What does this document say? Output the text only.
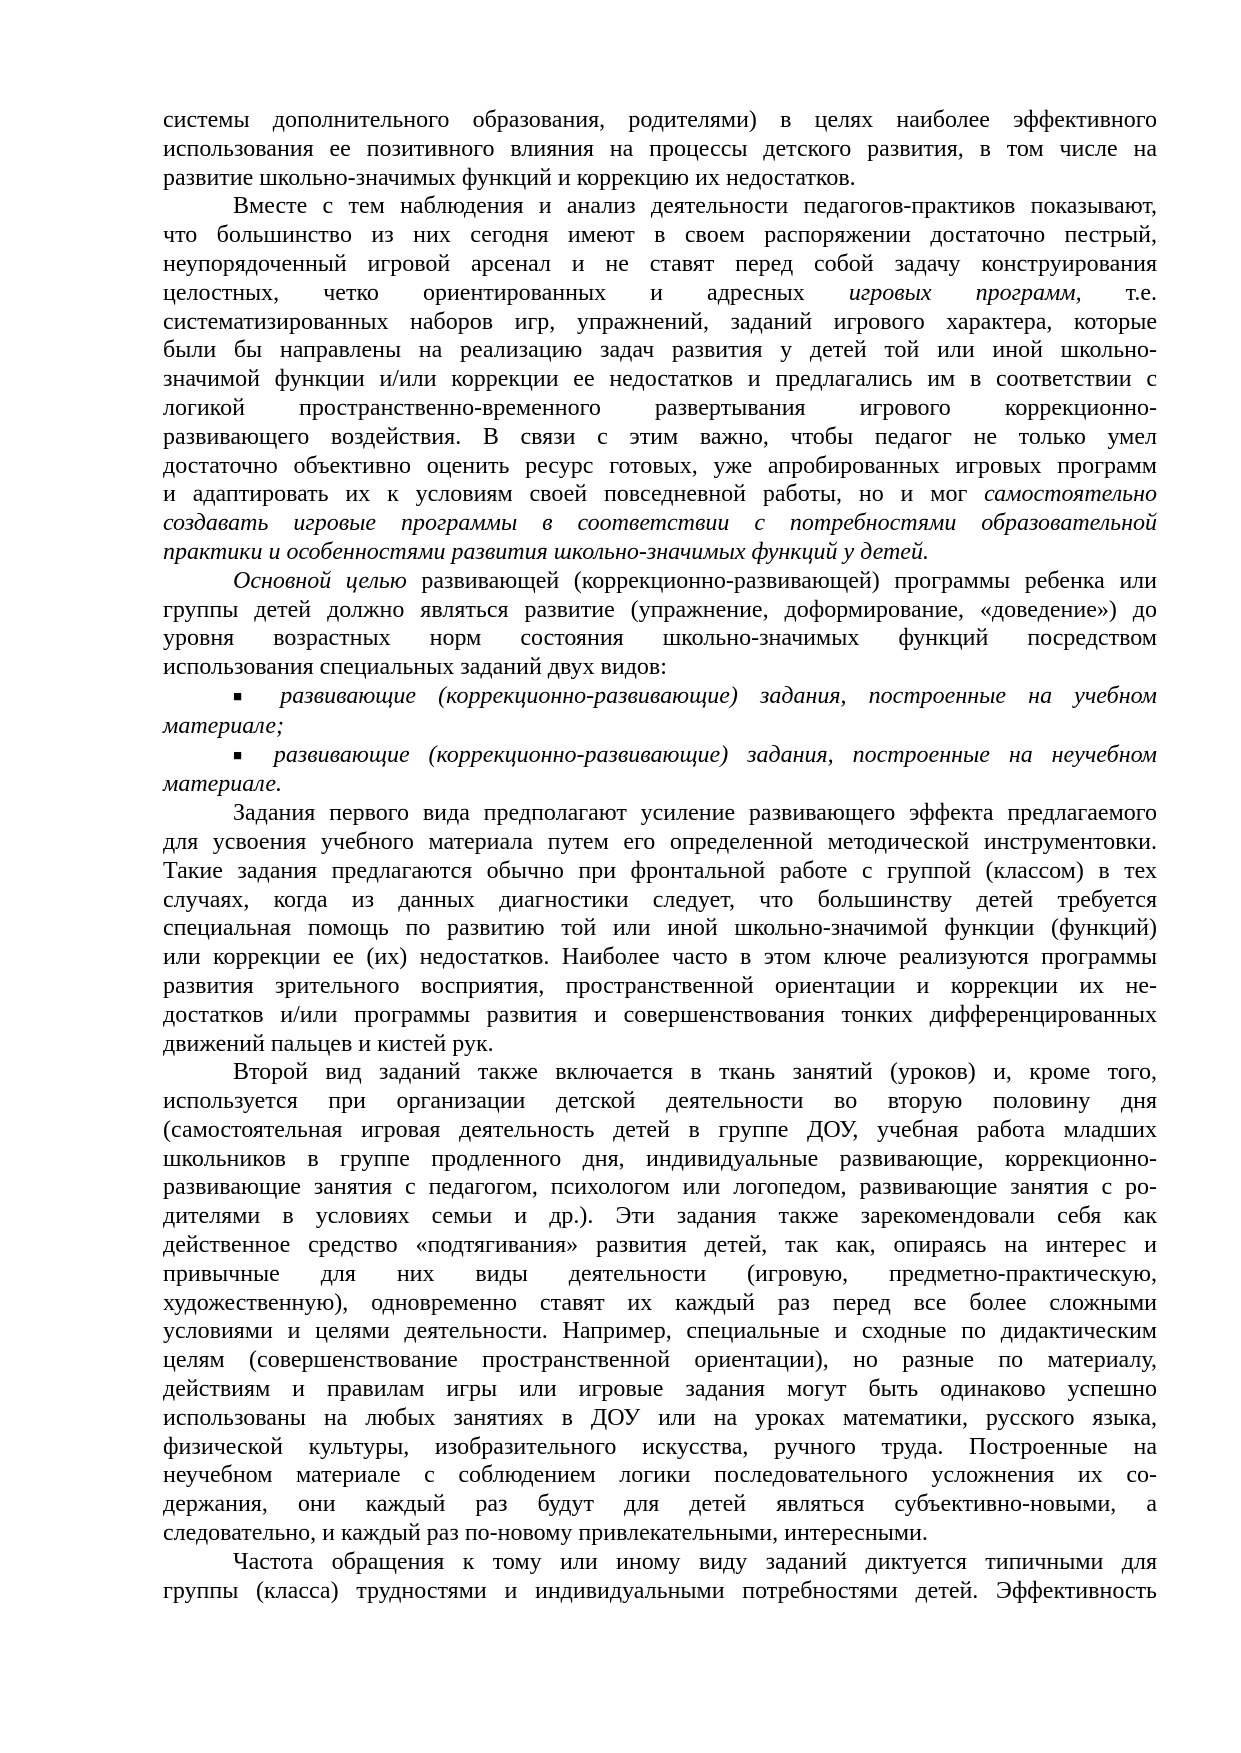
системы дополнительного образования, родителями) в целях наиболее эффективного
использования ее позитивного влияния на процессы детского развития, в том числе на
развитие школьно-значимых функций и коррекцию их недостатков.
Вместе с тем наблюдения и анализ деятельности педагогов-практиков показывают,
что большинство из них сегодня имеют в своем распоряжении достаточно пестрый,
неупорядоченный игровой арсенал и не ставят перед собой задачу конструирования
целостных, четко ориентированных и адресных игровых программ, т.е.
систематизированных наборов игр, упражнений, заданий игрового характера, которые
были бы направлены на реализацию задач развития у детей той или иной школьно-
значимой функции и/или коррекции ее недостатков и предлагались им в соответствии с
логикой пространственно-временного развертывания игрового коррекционно-
развивающего воздействия. В связи с этим важно, чтобы педагог не только умел
достаточно объективно оценить ресурс готовых, уже апробированных игровых программ
и адаптировать их к условиям своей повседневной работы, но и мог самостоятельно
создавать игровые программы в соответствии с потребностями образовательной
практики и особенностями развития школьно-значимых функций у детей.
Основной целью развивающей (коррекционно-развивающей) программы ребенка или
группы детей должно являться развитие (упражнение, доформирование, «доведение») до
уровня возрастных норм состояния школьно-значимых функций посредством
использования специальных заданий двух видов:
■ развивающие (коррекционно-развивающие) задания, построенные на учебном
материале;
■ развивающие (коррекционно-развивающие) задания, построенные на неучебном
материале.
Задания первого вида предполагают усиление развивающего эффекта предлагаемого
для усвоения учебного материала путем его определенной методической инструментовки.
Такие задания предлагаются обычно при фронтальной работе с группой (классом) в тех
случаях, когда из данных диагностики следует, что большинству детей требуется
специальная помощь по развитию той или иной школьно-значимой функции (функций)
или коррекции ее (их) недостатков. Наиболее часто в этом ключе реализуются программы
развития зрительного восприятия, пространственной ориентации и коррекции их не-
достатков и/или программы развития и совершенствования тонких дифференцированных
движений пальцев и кистей рук.
Второй вид заданий также включается в ткань занятий (уроков) и, кроме того,
используется при организации детской деятельности во вторую половину дня
(самостоятельная игровая деятельность детей в группе ДОУ, учебная работа младших
школьников в группе продленного дня, индивидуальные развивающие, коррекционно-
развивающие занятия с педагогом, психологом или логопедом, развивающие занятия с ро-
дителями в условиях семьи и др.). Эти задания также зарекомендовали себя как
действенное средство «подтягивания» развития детей, так как, опираясь на интерес и
привычные для них виды деятельности (игровую, предметно-практическую,
художественную), одновременно ставят их каждый раз перед все более сложными
условиями и целями деятельности. Например, специальные и сходные по дидактическим
целям (совершенствование пространственной ориентации), но разные по материалу,
действиям и правилам игры или игровые задания могут быть одинаково успешно
использованы на любых занятиях в ДОУ или на уроках математики, русского языка,
физической культуры, изобразительного искусства, ручного труда. Построенные на
неучебном материале с соблюдением логики последовательного усложнения их со-
держания, они каждый раз будут для детей являться субъективно-новыми, а
следовательно, и каждый раз по-новому привлекательными, интересными.
Частота обращения к тому или иному виду заданий диктуется типичными для
группы (класса) трудностями и индивидуальными потребностями детей. Эффективность
